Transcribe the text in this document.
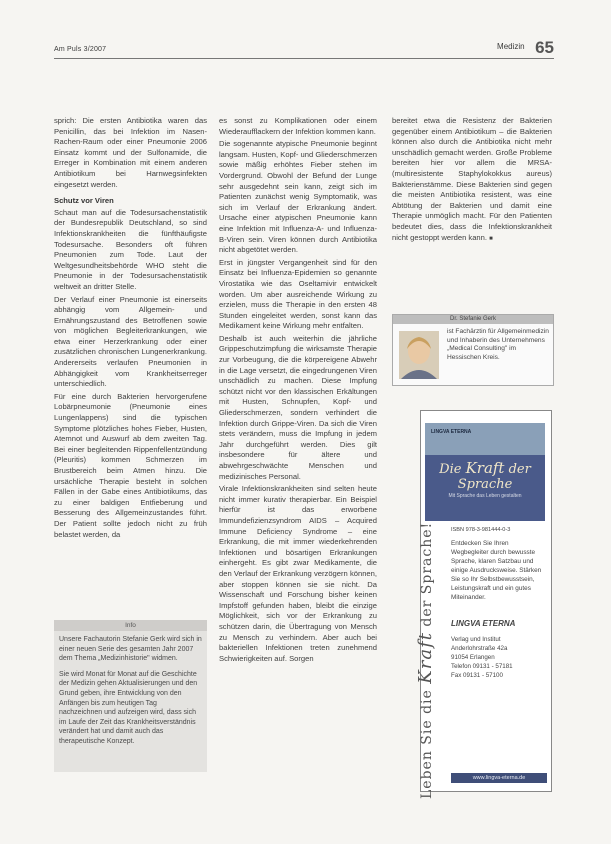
Am Puls 3/2007	$^{Medizin}$ 65

sprich: Die ersten Antibiotika waren das Penicillin, das bei Infektion im Nasen-Rachen-Raum oder einer Pneumonie 2006 Einsatz kommt und der Sulfonamide, die Erreger in Kombination mit einem anderen Antibiotikum bei Harnwegsinfekten eingesetzt werden.

Schutz vor Viren

Schaut man auf die Todesursachenstatistik der Bundesrepublik Deutschland, so sind Infektionskrankheiten die fünfthäufigste Todesursache. Besonders oft führen Pneumonien zum Tode. Laut der Weltgesundheitsbehörde WHO steht die Pneumonie in der Todesursachenstatistik weltweit an dritter Stelle.

Der Verlauf einer Pneumonie ist einerseits abhängig vom Allgemein- und Ernährungszustand des Betroffenen sowie von möglichen Begleiterkrankungen, wie etwa einer Herzerkrankung oder einer zusätzlichen chronischen Lungenerkrankung. Andererseits verlaufen Pneumonien in Abhängigkeit vom Krankheitserreger unterschiedlich.

Für eine durch Bakterien hervorgerufene Lobärpneumonie (Pneumonie eines Lungenlappens) sind die typischen Symptome plötzliches hohes Fieber, Husten, Atemnot und Auswurf ab dem zweiten Tag. Bei einer begleitenden Rippenfellentzündung (Pleuritis) kommen Schmerzen im Brustbereich beim Atmen hinzu. Die ursächliche Therapie besteht in solchen Fällen in der Gabe eines Antibiotikums, das zu einer baldigen Entfieberung und Besserung des Allgemeinzustandes führt. Der Patient sollte jedoch nicht zu früh belastet werden, da

Info

Unsere Fachautorin Stefanie Gerk wird sich in einer neuen Serie des gesamten Jahr 2007 dem Thema „Medizinhistorie" widmen.

Sie wird Monat für Monat auf die Geschichte der Medizin gehen Aktualisierungen und den Grund geben, ihre Entwicklung von den Anfängen bis zum heutigen Tag nachzeichnen und aufzeigen wird, dass sich im Laufe der Zeit das Krankheitsverständnis verändert hat und damit auch das therapeutische Konzept.

es sonst zu Komplikationen oder einem Wiederaufflackern der Infektion kommen kann.

Die sogenannte atypische Pneumonie beginnt langsam. Husten, Kopf- und Gliederschmerzen sowie mäßig erhöhtes Fieber stehen im Vordergrund. Obwohl der Befund der Lunge sehr ausgedehnt sein kann, zeigt sich im Patienten zunächst wenig Symptomatik, was sich im Verlauf der Erkrankung ändert. Ursache einer atypischen Pneumonie kann eine Infektion mit Influenza-A- und Influenza-B-Viren sein. Viren können durch Antibiotika nicht abgetötet werden.

Erst in jüngster Vergangenheit sind für den Einsatz bei Influenza-Epidemien so genannte Virostatika wie das Oseltamivir entwickelt worden. Um aber ausreichende Wirkung zu erzielen, muss die Therapie in den ersten 48 Stunden eingeleitet werden, sonst kann das Medikament keine Wirkung mehr entfalten.

Deshalb ist auch weiterhin die jährliche Grippeschutzimpfung die wirksamste Therapie zur Vorbeugung, die die körpereigene Abwehr in die Lage versetzt, die eingedrungenen Viren unschädlich zu machen. Diese Impfung schützt nicht vor den klassischen Erkältungen mit Husten, Schnupfen, Kopf- und Gliederschmerzen, sondern verhindert die Infektion durch Grippe-Viren. Da sich die Viren stets verändern, muss die Impfung in jedem Jahr durchgeführt werden. Dies gilt insbesondere für ältere und abwehrgeschwächte Menschen und medizinisches Personal.

Virale Infektionskrankheiten sind selten heute nicht immer kurativ therapierbar. Ein Beispiel hierfür ist das erworbene Immundefizienzsyndrom AIDS – Acquired Immune Deficiency Syndrome – eine Erkrankung, die mit immer wiederkehrenden Infektionen und bösartigen Erkrankungen einhergeht. Es gibt zwar Medikamente, die den Verlauf der Erkrankung verzögern können, aber stoppen können sie sie nicht. Da Wissenschaft und Forschung bisher keinen Impfstoff gefunden haben, bleibt die einzige Möglichkeit, sich vor der Erkrankung zu schützen darin, die Übertragung von Mensch zu Mensch zu verhindern. Aber auch bei bakteriellen Infektionen treten zunehmend Schwierigkeiten auf. Sorgen

bereitet etwa die Resistenz der Bakterien gegenüber einem Antibiotikum – die Bakterien können also durch die Antibiotika nicht mehr unschädlich gemacht werden. Große Probleme bereiten hier vor allem die MRSA-(multiresistente Staphylokokkus aureus) Bakterienstämme. Diese Bakterien sind gegen die meisten Antibiotika resistent, was eine Abtötung der Bakterien und damit eine Therapie unmöglich macht. Für den Patienten bedeutet dies, dass die Infektionskrankheit nicht gestoppt werden kann. ■

Dr. Stefanie Gerk
ist Fachärztin für Allgemeinmedizin und Inhaberin des Unternehmens „Medical Consulting" im Hessischen Kreis.
LINGVA ETERNA
Die Kraft der Sprache
Mit Sprache das Leben gestalten
ISBN 978-3-981444-0-3
Leben Sie die Kraft der Sprache!	Entdecken Sie Ihren Wegbegleiter durch bewusste Sprache, klaren Satzbau und einige Ausdrucksweise. Stärken Sie so Ihr Selbstbewusstsein, Leistungskraft und ein gutes Miteinander.
LINGVA ETERNA
Verlag und Institut
Anderlohrstraße 42a
91054 Erlangen
Telefon 09131 - 57181
Fax 09131 - 57100
www.lingva-eterna.de
